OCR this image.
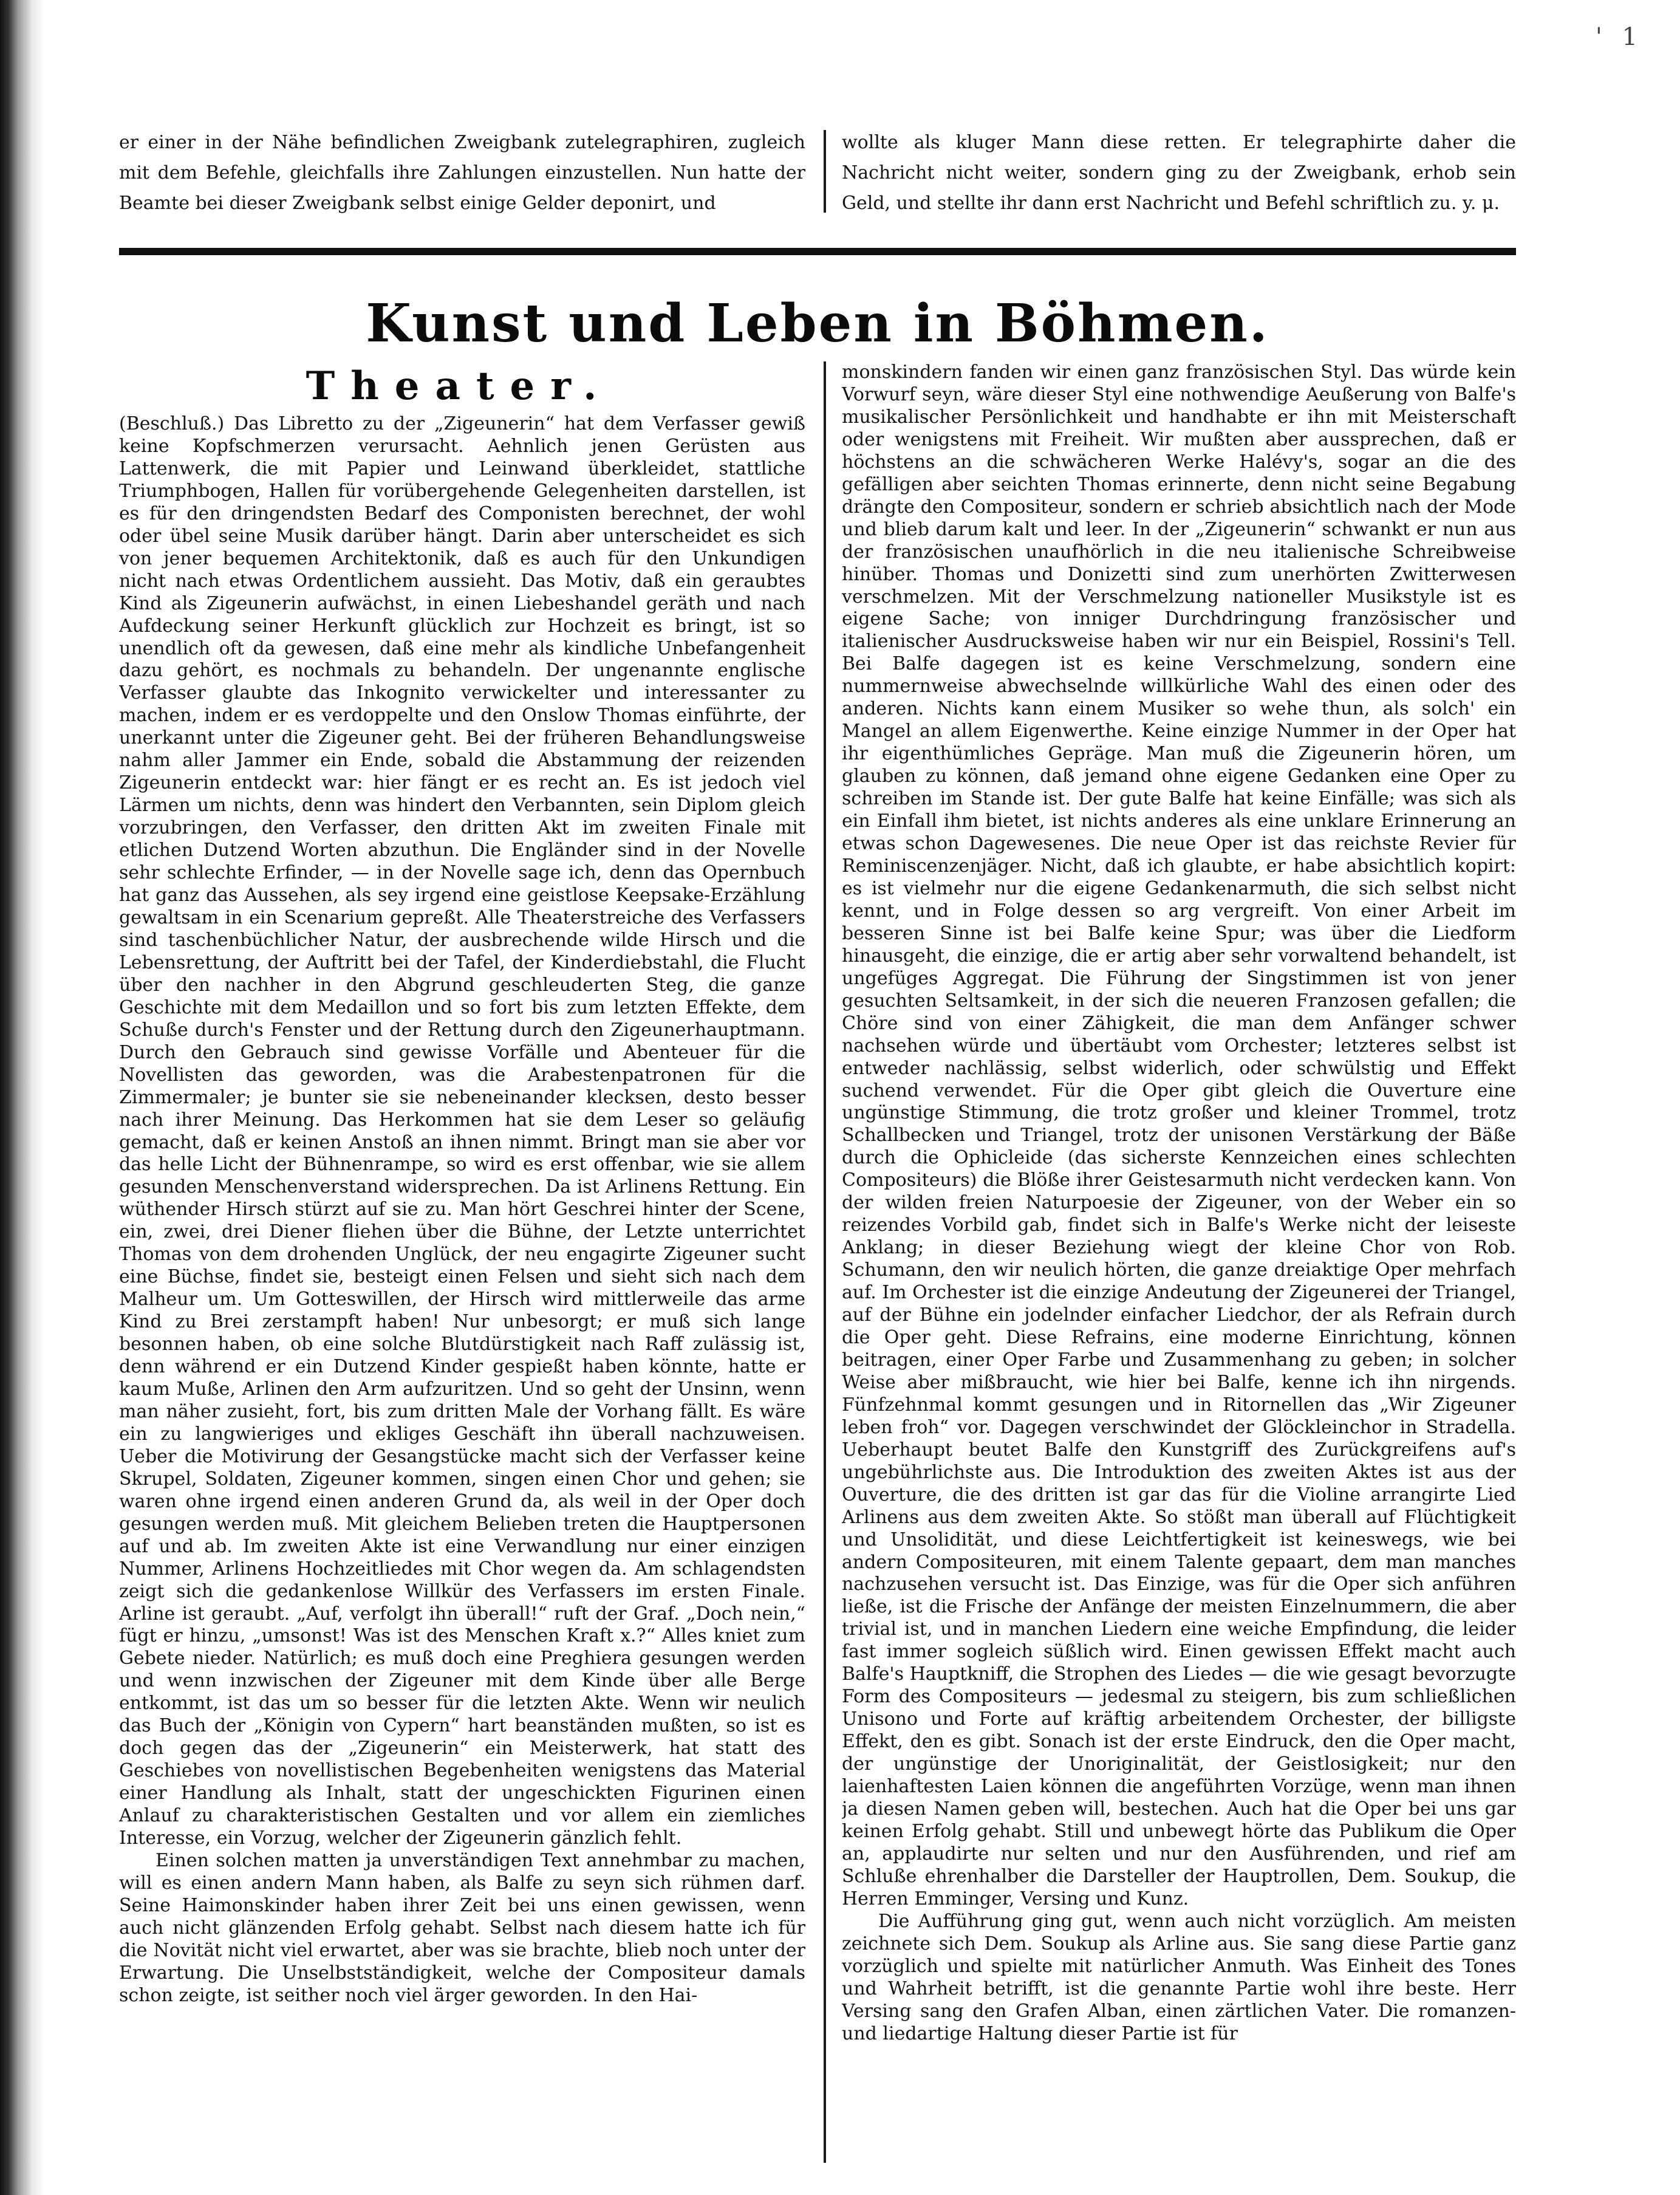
' 1

er einer in der Nähe befindlichen Zweigbank zutelegraphiren, zugleich mit dem Befehle, gleichfalls ihre Zahlungen einzustellen. Nun hatte der Beamte bei dieser Zweigbank selbst einige Gelder deponirt, und

wollte als kluger Mann diese retten. Er telegraphirte daher die Nachricht nicht weiter, sondern ging zu der Zweigbank, erhob sein Geld, und stellte ihr dann erst Nachricht und Befehl schriftlich zu. y. μ.

Kunst und Leben in Böhmen.
Theater.

(Beschluß.) Das Libretto zu der „Zigeunerin“ hat dem Verfasser gewiß keine Kopfschmerzen verursacht. Aehnlich jenen Gerüsten aus Lattenwerk, die mit Papier und Leinwand überkleidet, stattliche Triumphbogen, Hallen für vorübergehende Gelegenheiten darstellen, ist es für den dringendsten Bedarf des Componisten berechnet, der wohl oder übel seine Musik darüber hängt. Darin aber unterscheidet es sich von jener bequemen Architektonik, daß es auch für den Unkundigen nicht nach etwas Ordentlichem aussieht. Das Motiv, daß ein geraubtes Kind als Zigeunerin aufwächst, in einen Liebeshandel geräth und nach Aufdeckung seiner Herkunft glücklich zur Hochzeit es bringt, ist so unendlich oft da gewesen, daß eine mehr als kindliche Unbefangenheit dazu gehört, es nochmals zu behandeln. Der ungenannte englische Verfasser glaubte das Inkognito verwickelter und interessanter zu machen, indem er es verdoppelte und den Onslow Thomas einführte, der unerkannt unter die Zigeuner geht. Bei der früheren Behandlungsweise nahm aller Jammer ein Ende, sobald die Abstammung der reizenden Zigeunerin entdeckt war: hier fängt er es recht an. Es ist jedoch viel Lärmen um nichts, denn was hindert den Verbannten, sein Diplom gleich vorzubringen, den Verfasser, den dritten Akt im zweiten Finale mit etlichen Dutzend Worten abzuthun. Die Engländer sind in der Novelle sehr schlechte Erfinder, — in der Novelle sage ich, denn das Opernbuch hat ganz das Aussehen, als sey irgend eine geistlose Keepsake-Erzählung gewaltsam in ein Scenarium gepreßt. Alle Theaterstreiche des Verfassers sind taschenbüchlicher Natur, der ausbrechende wilde Hirsch und die Lebensrettung, der Auftritt bei der Tafel, der Kinderdiebstahl, die Flucht über den nachher in den Abgrund geschleuderten Steg, die ganze Geschichte mit dem Medaillon und so fort bis zum letzten Effekte, dem Schuße durch's Fenster und der Rettung durch den Zigeunerhauptmann. Durch den Gebrauch sind gewisse Vorfälle und Abenteuer für die Novellisten das geworden, was die Arabestenpatronen für die Zimmermaler; je bunter sie sie nebeneinander klecksen, desto besser nach ihrer Meinung. Das Herkommen hat sie dem Leser so geläufig gemacht, daß er keinen Anstoß an ihnen nimmt. Bringt man sie aber vor das helle Licht der Bühnenrampe, so wird es erst offenbar, wie sie allem gesunden Menschenverstand widersprechen. Da ist Arlinens Rettung. Ein wüthender Hirsch stürzt auf sie zu. Man hört Geschrei hinter der Scene, ein, zwei, drei Diener fliehen über die Bühne, der Letzte unterrichtet Thomas von dem drohenden Unglück, der neu engagirte Zigeuner sucht eine Büchse, findet sie, besteigt einen Felsen und sieht sich nach dem Malheur um. Um Gotteswillen, der Hirsch wird mittlerweile das arme Kind zu Brei zerstampft haben! Nur unbesorgt; er muß sich lange besonnen haben, ob eine solche Blutdürstigkeit nach Raff zulässig ist, denn während er ein Dutzend Kinder gespießt haben könnte, hatte er kaum Muße, Arlinen den Arm aufzuritzen. Und so geht der Unsinn, wenn man näher zusieht, fort, bis zum dritten Male der Vorhang fällt. Es wäre ein zu langwieriges und ekliges Geschäft ihn überall nachzuweisen. Ueber die Motivirung der Gesangstücke macht sich der Verfasser keine Skrupel, Soldaten, Zigeuner kommen, singen einen Chor und gehen; sie waren ohne irgend einen anderen Grund da, als weil in der Oper doch gesungen werden muß. Mit gleichem Belieben treten die Hauptpersonen auf und ab. Im zweiten Akte ist eine Verwandlung nur einer einzigen Nummer, Arlinens Hochzeitliedes mit Chor wegen da. Am schlagendsten zeigt sich die gedankenlose Willkür des Verfassers im ersten Finale. Arline ist geraubt. „Auf, verfolgt ihn überall!“ ruft der Graf. „Doch nein,“ fügt er hinzu, „umsonst! Was ist des Menschen Kraft x.?“ Alles kniet zum Gebete nieder. Natürlich; es muß doch eine Preghiera gesungen werden und wenn inzwischen der Zigeuner mit dem Kinde über alle Berge entkommt, ist das um so besser für die letzten Akte. Wenn wir neulich das Buch der „Königin von Cypern“ hart beanständen mußten, so ist es doch gegen das der „Zigeunerin“ ein Meisterwerk, hat statt des Geschiebes von novellistischen Begebenheiten wenigstens das Material einer Handlung als Inhalt, statt der ungeschickten Figurinen einen Anlauf zu charakteristischen Gestalten und vor allem ein ziemliches Interesse, ein Vorzug, welcher der Zigeunerin gänzlich fehlt.

Einen solchen matten ja unverständigen Text annehmbar zu machen, will es einen andern Mann haben, als Balfe zu seyn sich rühmen darf. Seine Haimonskinder haben ihrer Zeit bei uns einen gewissen, wenn auch nicht glänzenden Erfolg gehabt. Selbst nach diesem hatte ich für die Novität nicht viel erwartet, aber was sie brachte, blieb noch unter der Erwartung. Die Unselbstständigkeit, welche der Compositeur damals schon zeigte, ist seither noch viel ärger geworden. In den Hai-

monskindern fanden wir einen ganz französischen Styl. Das würde kein Vorwurf seyn, wäre dieser Styl eine nothwendige Aeußerung von Balfe's musikalischer Persönlichkeit und handhabte er ihn mit Meisterschaft oder wenigstens mit Freiheit. Wir mußten aber aussprechen, daß er höchstens an die schwächeren Werke Halévy's, sogar an die des gefälligen aber seichten Thomas erinnerte, denn nicht seine Begabung drängte den Compositeur, sondern er schrieb absichtlich nach der Mode und blieb darum kalt und leer. In der „Zigeunerin“ schwankt er nun aus der französischen unaufhörlich in die neu italienische Schreibweise hinüber. Thomas und Donizetti sind zum unerhörten Zwitterwesen verschmelzen. Mit der Verschmelzung nationeller Musikstyle ist es eigene Sache; von inniger Durchdringung französischer und italienischer Ausdrucksweise haben wir nur ein Beispiel, Rossini's Tell. Bei Balfe dagegen ist es keine Verschmelzung, sondern eine nummernweise abwechselnde willkürliche Wahl des einen oder des anderen. Nichts kann einem Musiker so wehe thun, als solch' ein Mangel an allem Eigenwerthe. Keine einzige Nummer in der Oper hat ihr eigenthümliches Gepräge. Man muß die Zigeunerin hören, um glauben zu können, daß jemand ohne eigene Gedanken eine Oper zu schreiben im Stande ist. Der gute Balfe hat keine Einfälle; was sich als ein Einfall ihm bietet, ist nichts anderes als eine unklare Erinnerung an etwas schon Dagewesenes. Die neue Oper ist das reichste Revier für Reminiscenzenjäger. Nicht, daß ich glaubte, er habe absichtlich kopirt: es ist vielmehr nur die eigene Gedankenarmuth, die sich selbst nicht kennt, und in Folge dessen so arg vergreift. Von einer Arbeit im besseren Sinne ist bei Balfe keine Spur; was über die Liedform hinausgeht, die einzige, die er artig aber sehr vorwaltend behandelt, ist ungefüges Aggregat. Die Führung der Singstimmen ist von jener gesuchten Seltsamkeit, in der sich die neueren Franzosen gefallen; die Chöre sind von einer Zähigkeit, die man dem Anfänger schwer nachsehen würde und übertäubt vom Orchester; letzteres selbst ist entweder nachlässig, selbst widerlich, oder schwülstig und Effekt suchend verwendet. Für die Oper gibt gleich die Ouverture eine ungünstige Stimmung, die trotz großer und kleiner Trommel, trotz Schallbecken und Triangel, trotz der unisonen Verstärkung der Bäße durch die Ophicleide (das sicherste Kennzeichen eines schlechten Compositeurs) die Blöße ihrer Geistesarmuth nicht verdecken kann. Von der wilden freien Naturpoesie der Zigeuner, von der Weber ein so reizendes Vorbild gab, findet sich in Balfe's Werke nicht der leiseste Anklang; in dieser Beziehung wiegt der kleine Chor von Rob. Schumann, den wir neulich hörten, die ganze dreiaktige Oper mehrfach auf. Im Orchester ist die einzige Andeutung der Zigeunerei der Triangel, auf der Bühne ein jodelnder einfacher Liedchor, der als Refrain durch die Oper geht. Diese Refrains, eine moderne Einrichtung, können beitragen, einer Oper Farbe und Zusammenhang zu geben; in solcher Weise aber mißbraucht, wie hier bei Balfe, kenne ich ihn nirgends. Fünfzehnmal kommt gesungen und in Ritornellen das „Wir Zigeuner leben froh“ vor. Dagegen verschwindet der Glöckleinchor in Stradella. Ueberhaupt beutet Balfe den Kunstgriff des Zurückgreifens auf's ungebührlichste aus. Die Introduktion des zweiten Aktes ist aus der Ouverture, die des dritten ist gar das für die Violine arrangirte Lied Arlinens aus dem zweiten Akte. So stößt man überall auf Flüchtigkeit und Unsolidität, und diese Leichtfertigkeit ist keineswegs, wie bei andern Compositeuren, mit einem Talente gepaart, dem man manches nachzusehen versucht ist. Das Einzige, was für die Oper sich anführen ließe, ist die Frische der Anfänge der meisten Einzelnummern, die aber trivial ist, und in manchen Liedern eine weiche Empfindung, die leider fast immer sogleich süßlich wird. Einen gewissen Effekt macht auch Balfe's Hauptkniff, die Strophen des Liedes — die wie gesagt bevorzugte Form des Compositeurs — jedesmal zu steigern, bis zum schließlichen Unisono und Forte auf kräftig arbeitendem Orchester, der billigste Effekt, den es gibt. Sonach ist der erste Eindruck, den die Oper macht, der ungünstige der Unoriginalität, der Geistlosigkeit; nur den laienhaftesten Laien können die angeführten Vorzüge, wenn man ihnen ja diesen Namen geben will, bestechen. Auch hat die Oper bei uns gar keinen Erfolg gehabt. Still und unbewegt hörte das Publikum die Oper an, applaudirte nur selten und nur den Ausführenden, und rief am Schluße ehrenhalber die Darsteller der Hauptrollen, Dem. Soukup, die Herren Emminger, Versing und Kunz.

Die Aufführung ging gut, wenn auch nicht vorzüglich. Am meisten zeichnete sich Dem. Soukup als Arline aus. Sie sang diese Partie ganz vorzüglich und spielte mit natürlicher Anmuth. Was Einheit des Tones und Wahrheit betrifft, ist die genannte Partie wohl ihre beste. Herr Versing sang den Grafen Alban, einen zärtlichen Vater. Die romanzen- und liedartige Haltung dieser Partie ist für
